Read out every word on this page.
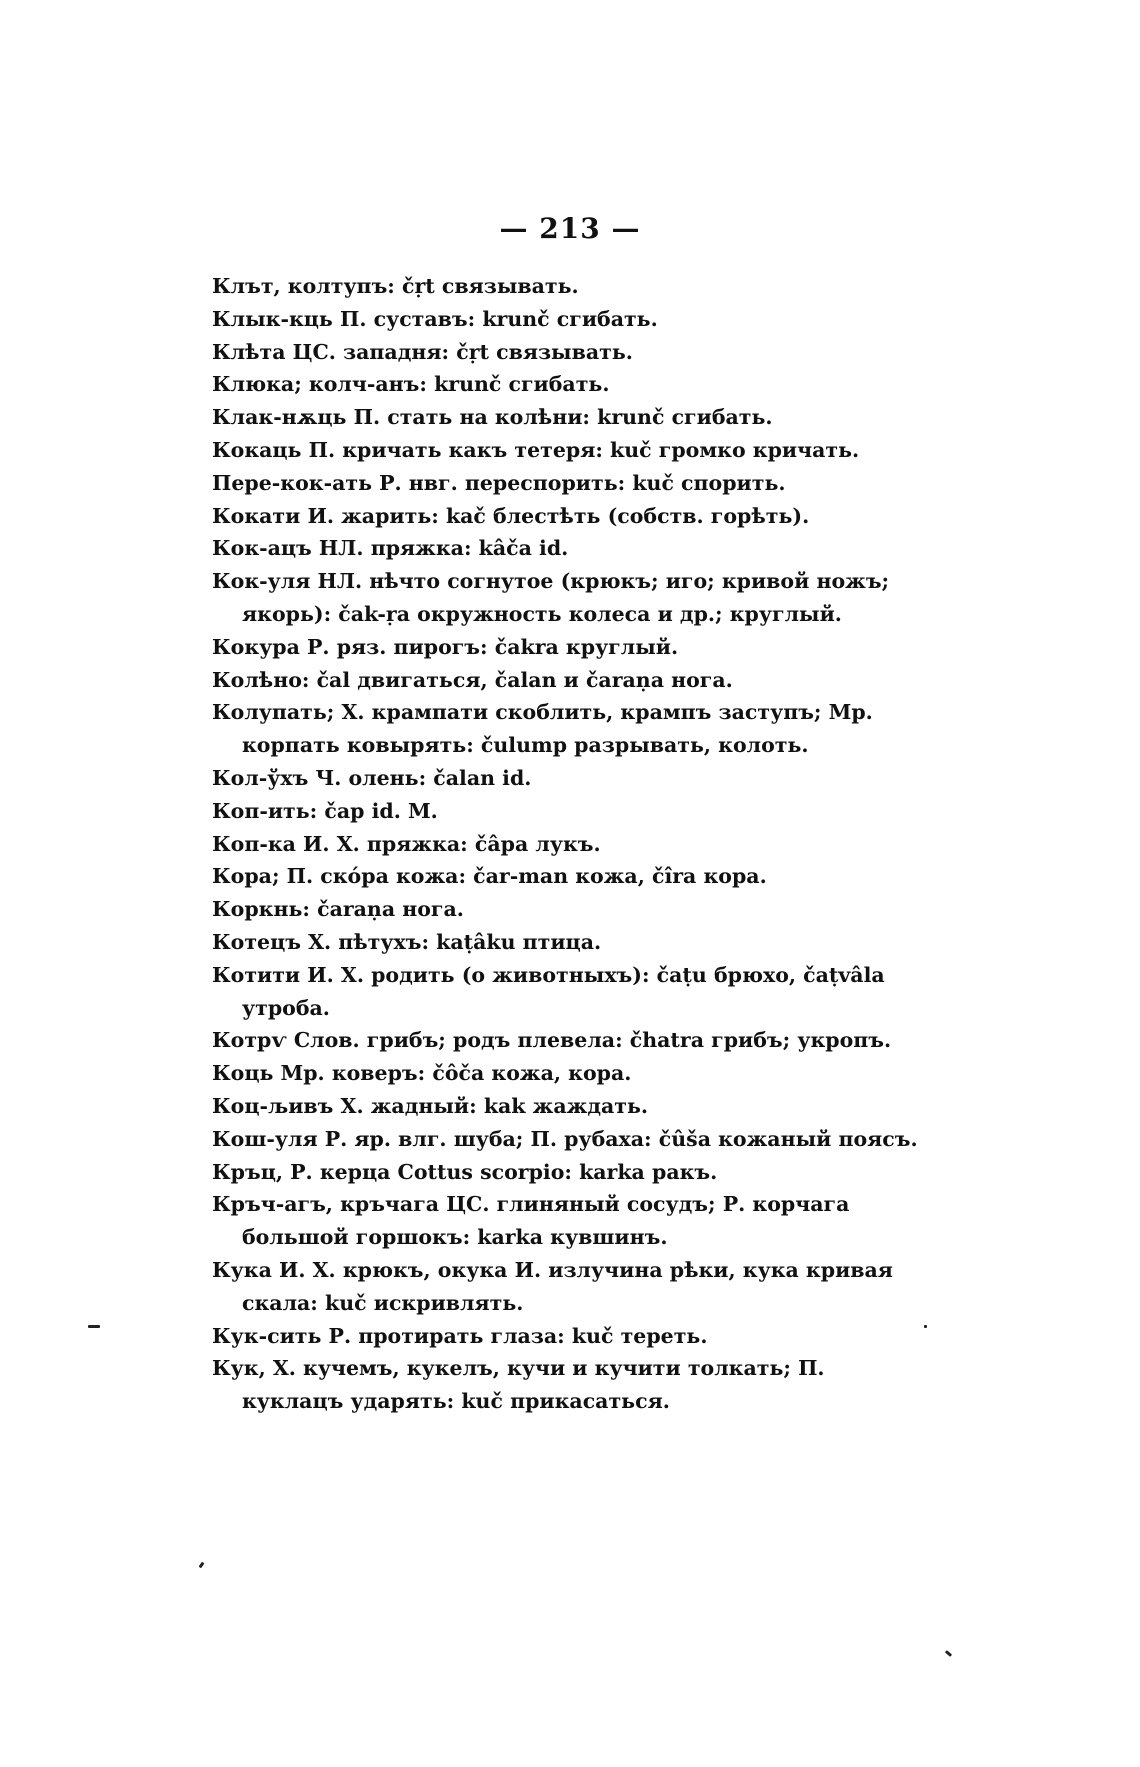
— 213 —

Клът, колтупъ: čṛt связывать.

Клык-кць П. суставъ: krunč сгибать.

Клѣта ЦС. западня: čṛt связывать.

Клюка; колч-анъ: krunč сгибать.

Клак-нѫць П. стать на колѣни: krunč сгибать.

Кокаць П. кричать какъ тетеря: kuč громко кричать.

Пере-кок-ать Р. нвг. переспорить: kuč спорить.

Кокати И. жарить: kač блестѣть (собств. горѣть).

Кок-ацъ НЛ. пряжка: kâča id.

Кок-уля НЛ. нѣчто согнутое (крюкъ; иго; кривой ножъ;
якорь): čak-ṛa окружность колеса и др.; круглый.

Кокура Р. ряз. пирогъ: čakra круглый.

Колѣно: čal двигаться, čalan и čaraṇa нога.

Колупать; Х. крампати скоблить, крампъ заступъ; Мр.
корпать ковырять: čulump разрывать, колоть.

Кол-ўхъ Ч. олень: čalan id.

Коп-ить: čap id. М.

Коп-ка И. Х. пряжка: čâpa лукъ.

Кора; П. скóра кожа: čar-man кожа, čîra кора.

Коркнь: čaraṇa нога.

Котецъ Х. пѣтухъ: kaṭâku птица.

Котити И. Х. родить (о животныхъ): čaṭu брюхо, čaṭvâla
утроба.

Котрѵ Слов. грибъ; родъ плевела: čhatra грибъ; укропъ.

Коць Мр. коверъ: čôča кожа, кора.

Коц-љивъ Х. жадный: kak жаждать.

Кош-уля Р. яр. влг. шуба; П. рубаха: čûša кожаный поясъ.

Кръц, Р. керца Cottus scorpio: karka ракъ.

Кръч-агъ, кръчага ЦС. глиняный сосудъ; Р. корчага
большой горшокъ: karka кувшинъ.

Кука И. Х. крюкъ, окука И. излучина рѣки, кука кривая
скала: kuč искривлять.

Кук-сить Р. протирать глаза: kuč тереть.

Кук, Х. кучемъ, кукелъ, кучи и кучити толкать; П.
куклацъ ударять: kuč прикасаться.
